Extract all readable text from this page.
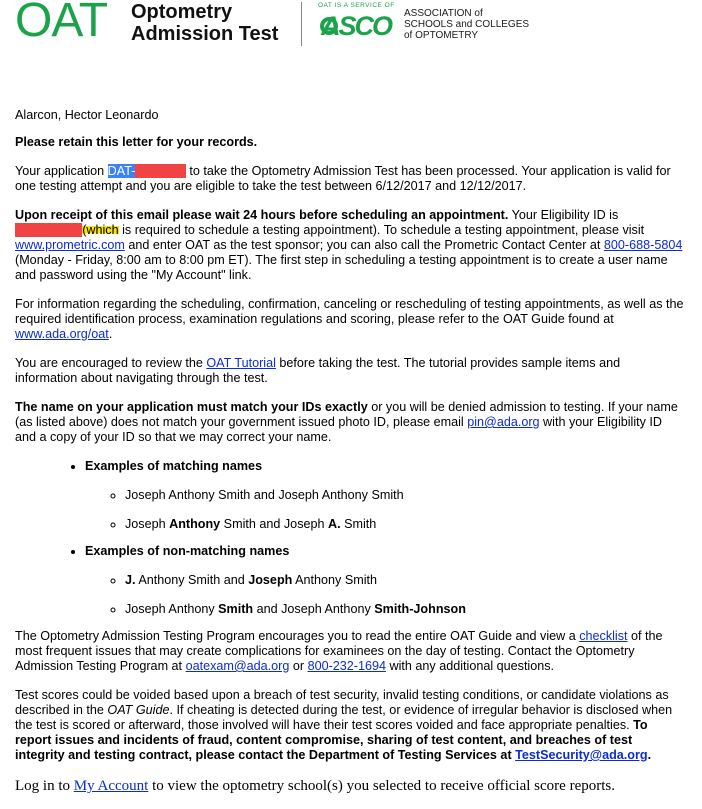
OAT Optometry
Admission Test
OAT IS A SERVICE OF
ASCO ASSOCIATION of
SCHOOLS and COLLEGES
of OPTOMETRY

Alarcon, Hector Leonardo

Please retain this letter for your records.

Your application DAT-XXXXXX to take the Optometry Admission Test has been processed. Your application is valid for one testing attempt and you are eligible to take the test between 6/12/2017 and 12/12/2017.

Upon receipt of this email please wait 24 hours before scheduling an appointment. Your Eligibility ID is XXXXXXXX(which is required to schedule a testing appointment). To schedule a testing appointment, please visit www.prometric.com and enter OAT as the test sponsor; you can also call the Prometric Contact Center at 800-688-5804 (Monday - Friday, 8:00 am to 8:00 pm ET). The first step in scheduling a testing appointment is to create a user name and password using the "My Account" link.

For information regarding the scheduling, confirmation, canceling or rescheduling of testing appointments, as well as the required identification process, examination regulations and scoring, please refer to the OAT Guide found at www.ada.org/oat.

You are encouraged to review the OAT Tutorial before taking the test. The tutorial provides sample items and information about navigating through the test.

The name on your application must match your IDs exactly or you will be denied admission to testing. If your name (as listed above) does not match your government issued photo ID, please email pin@ada.org with your Eligibility ID and a copy of your ID so that we may correct your name.

• Examples of matching names
◦ Joseph Anthony Smith and Joseph Anthony Smith
◦ Joseph Anthony Smith and Joseph A. Smith
• Examples of non-matching names
◦ J. Anthony Smith and Joseph Anthony Smith
◦ Joseph Anthony Smith and Joseph Anthony Smith-Johnson

The Optometry Admission Testing Program encourages you to read the entire OAT Guide and view a checklist of the most frequent issues that may create complications for examinees on the day of testing. Contact the Optometry Admission Testing Program at oatexam@ada.org or 800-232-1694 with any additional questions.

Test scores could be voided based upon a breach of test security, invalid testing conditions, or candidate violations as described in the OAT Guide. If cheating is detected during the test, or evidence of irregular behavior is disclosed when the test is scored or afterward, those involved will have their test scores voided and face appropriate penalties. To report issues and incidents of fraud, content compromise, sharing of test content, and breaches of test integrity and testing contract, please contact the Department of Testing Services at TestSecurity@ada.org.

Log in to My Account to view the optometry school(s) you selected to receive official score reports.
